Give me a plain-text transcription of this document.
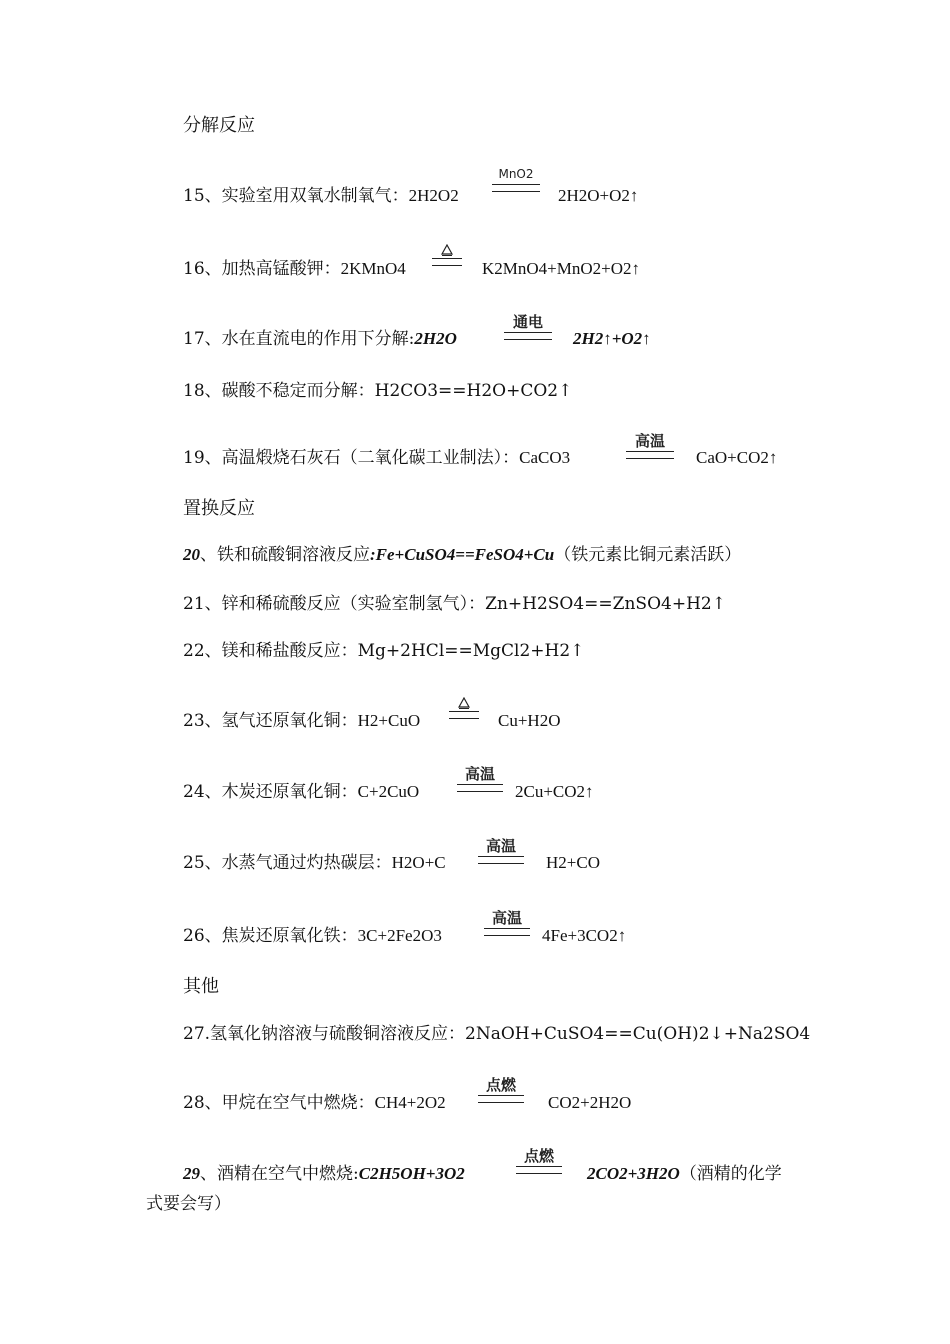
分解反应
15、实验室用双氧水制氧气：2H2O2
MnO2
2H2O+O2↑
16、加热高锰酸钾：2KMnO4	K2MnO4+MnO2+O2↑
17、水在直流电的作用下分解:2H2O
通电
2H2↑+O2↑
18、碳酸不稳定而分解：H2CO3==H2O+CO2↑
19、高温煅烧石灰石（二氧化碳工业制法）：CaCO3
高温
CaO+CO2↑
置换反应
20、铁和硫酸铜溶液反应:Fe+CuSO4==FeSO4+Cu（铁元素比铜元素活跃）
21、锌和稀硫酸反应（实验室制氢气）：Zn+H2SO4==ZnSO4+H2↑
22、镁和稀盐酸反应：Mg+2HCl==MgCl2+H2↑
23、氢气还原氧化铜：H2+CuO	Cu+H2O
24、木炭还原氧化铜：C+2CuO
高温
2Cu+CO2↑
25、水蒸气通过灼热碳层：H2O+C
高温
H2+CO
26、焦炭还原氧化铁：3C+2Fe2O3
高温
4Fe+3CO2↑
其他
27.氢氧化钠溶液与硫酸铜溶液反应：2NaOH+CuSO4==Cu(OH)2↓+Na2SO4
28、甲烷在空气中燃烧：CH4+2O2
点燃
CO2+2H2O
29、酒精在空气中燃烧:C2H5OH+3O2
点燃
2CO2+3H2O（酒精的化学
式要会写）
